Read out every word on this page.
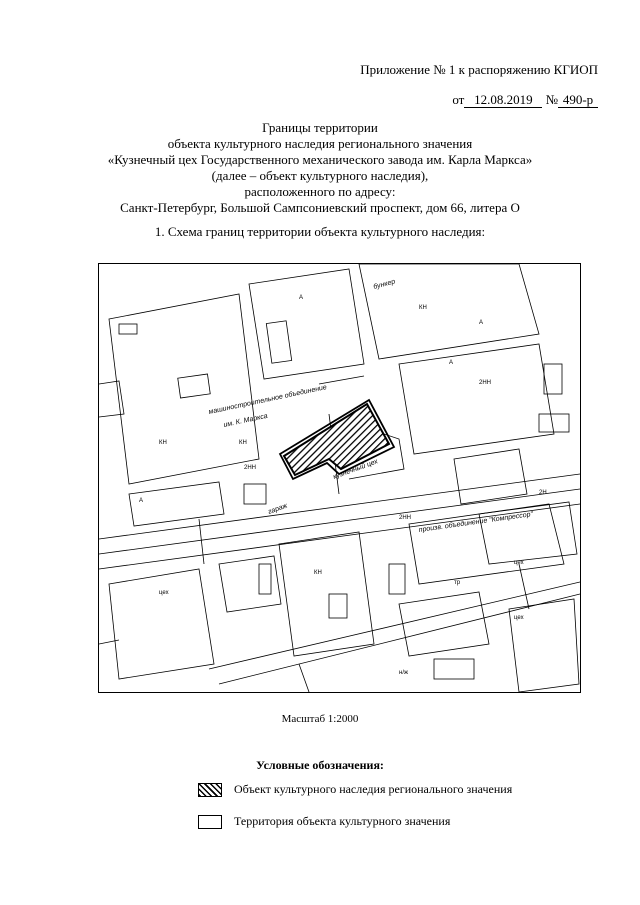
Приложение № 1 к распоряжению КГИОП
от 12.08.2019 № 490-р
Границы территории
объекта культурного наследия регионального значения
«Кузнечный цех Государственного механического завода им. Карла Маркса»
(далее – объект культурного наследия),
расположенного по адресу:
Санкт-Петербург, Большой Сампсониевский проспект, дом 66, литера О
1. Схема границ территории объекта культурного наследия:
машиностроительное объединение
им. К. Маркса
кузнечный цех
произв. объединение "Компрессор"
гараж
бункер
КН	КН
КН
2НН
цех
цех
КН
цех
тр
А
А
А
А
2Н
2НН
2НН
н/ж
Масштаб 1:2000
Условные обозначения:
Объект культурного наследия регионального значения
Территория объекта культурного значения
